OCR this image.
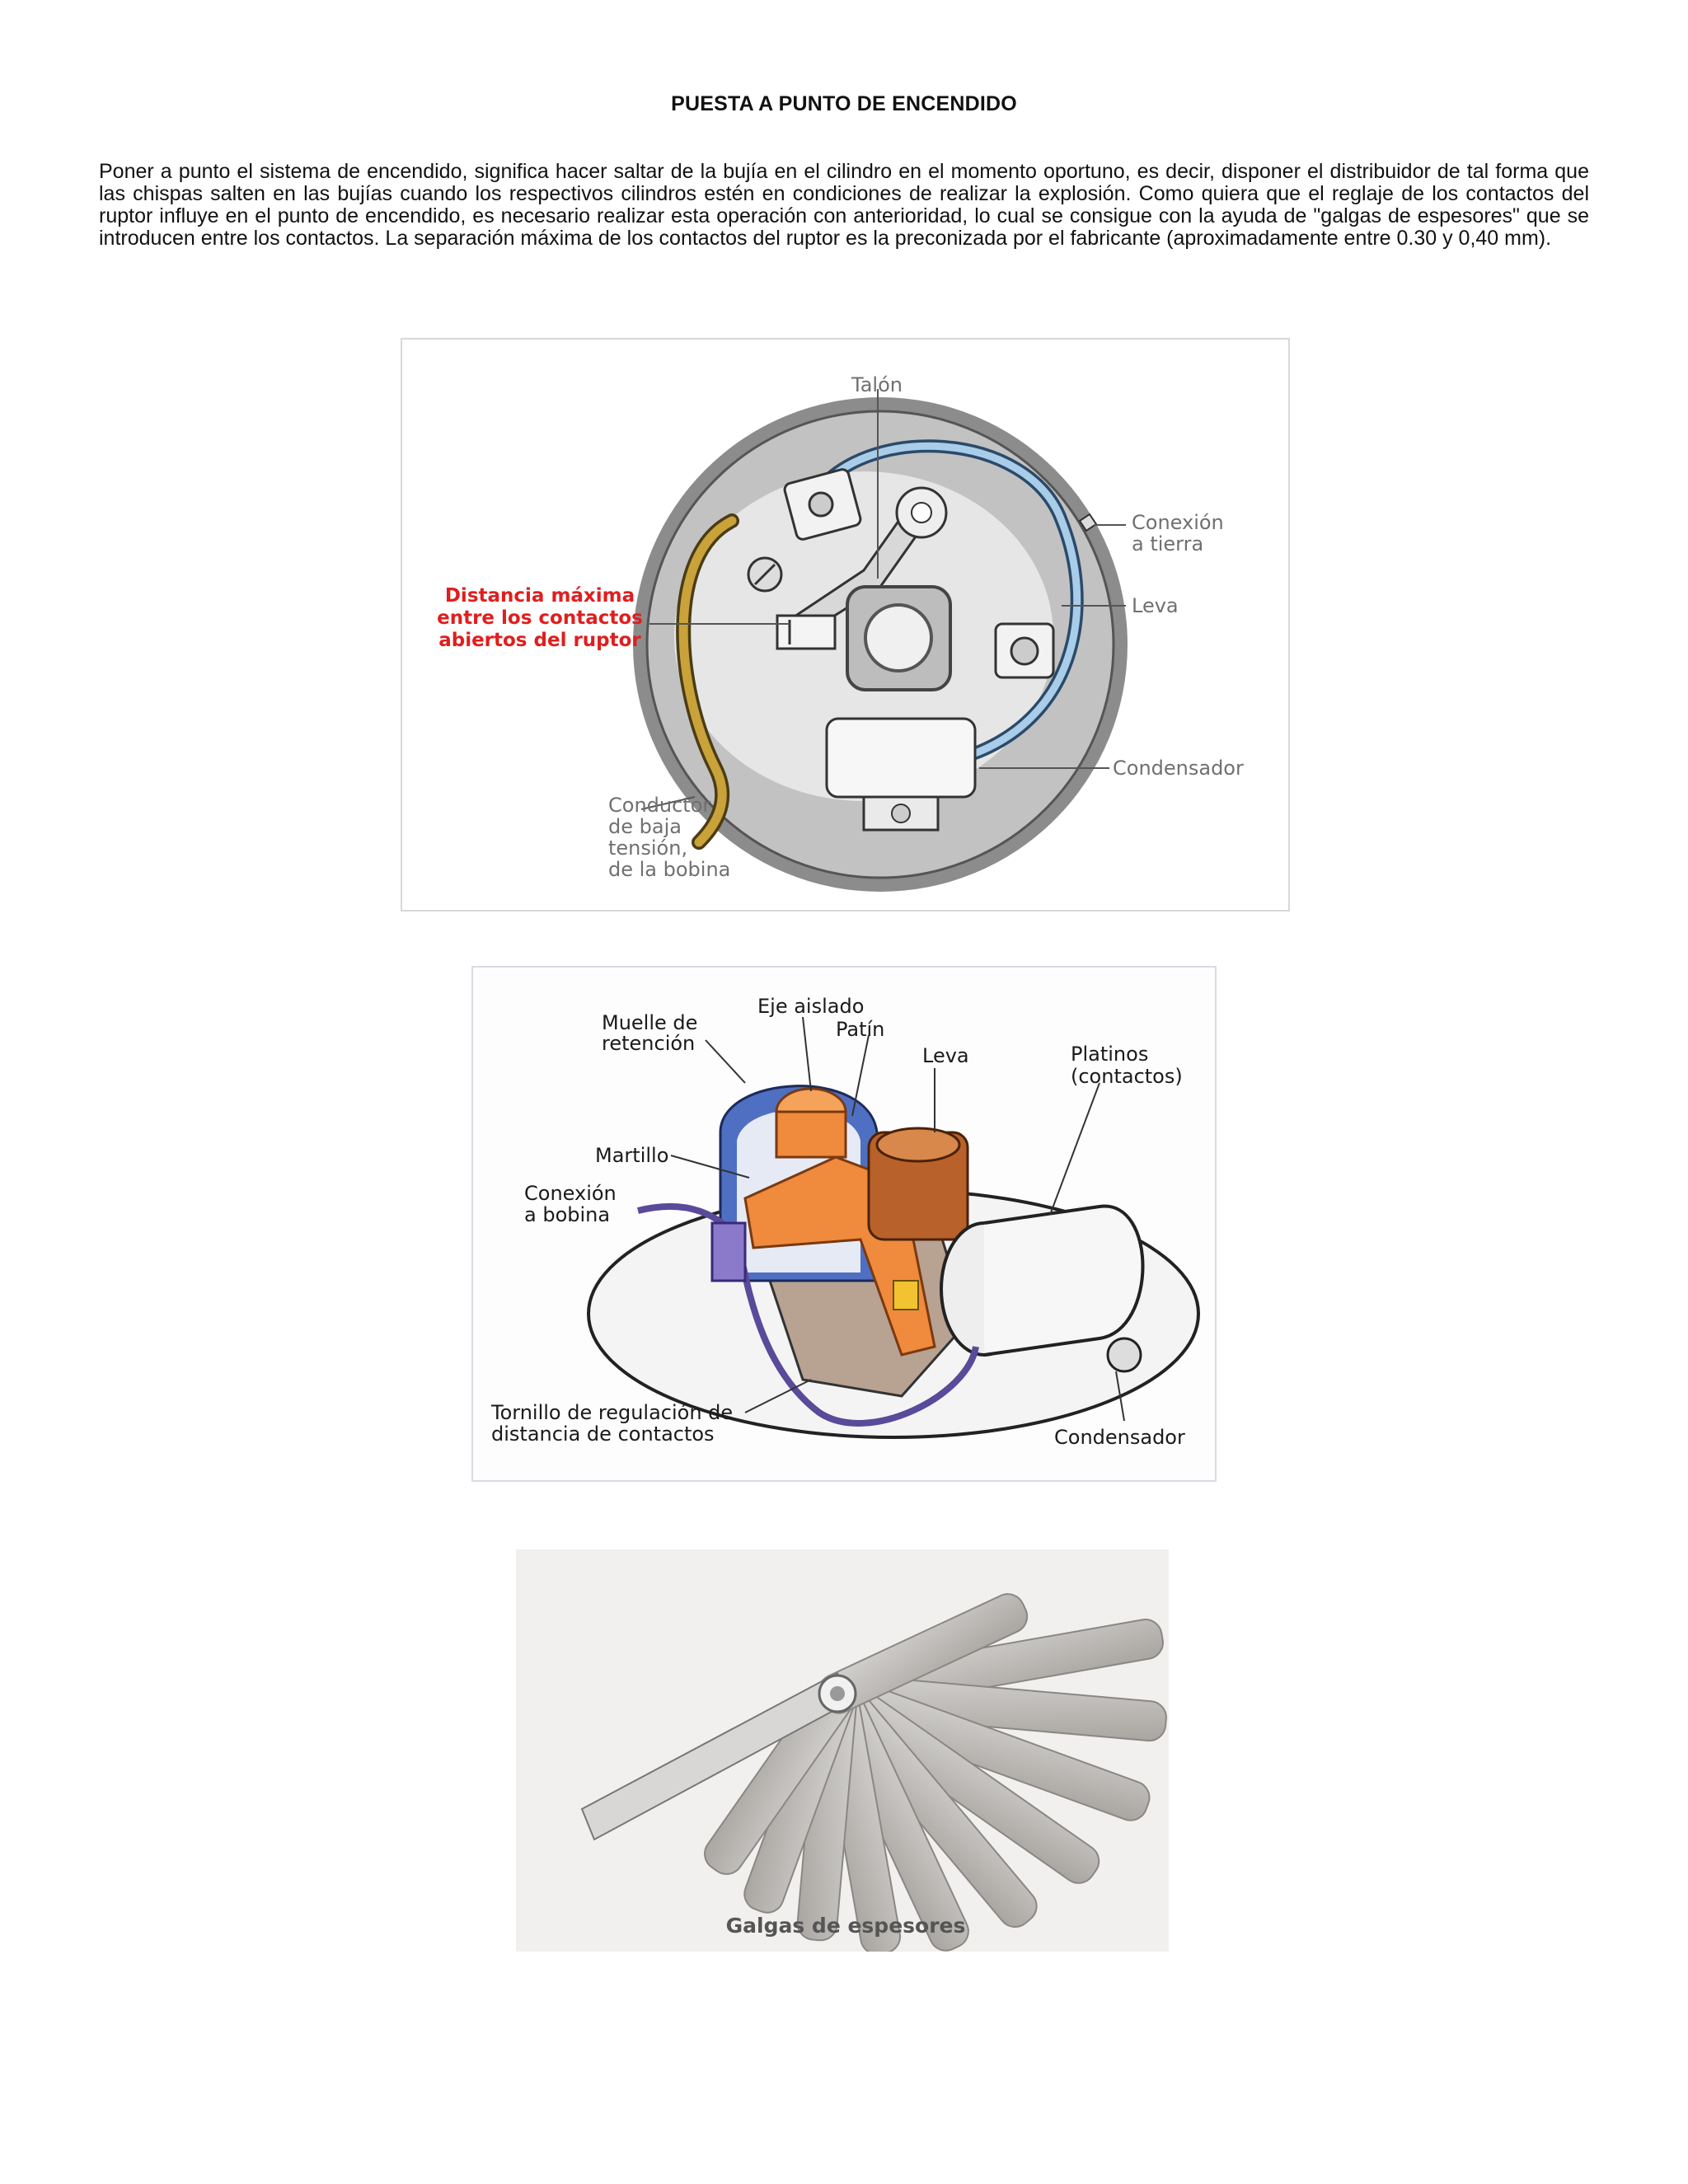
PUESTA A PUNTO DE ENCENDIDO
Poner a punto el sistema de encendido, significa hacer saltar de la bujía en el cilindro en el momento oportuno, es decir, disponer el distribuidor de tal forma que las chispas salten en las bujías cuando los respectivos cilindros estén en condiciones de realizar la explosión. Como quiera que el reglaje de los contactos del ruptor influye en el punto de encendido, es necesario realizar esta operación con anterioridad, lo cual se consigue con la ayuda de "galgas de espesores" que se introducen entre los contactos. La separación máxima de los contactos del ruptor es la preconizada por el fabricante (aproximadamente entre 0.30 y 0,40 mm).
Talón
Conexión
a tierra
Leva
Condensador
Conductor
de baja
tensión,
de la bobina
Distancia máxima
entre los contactos
abiertos del ruptor
Muelle de
retención
Eje aislado
Patín
Leva	Platinos
(contactos)
Martillo
Conexión
a bobina
Tornillo de regulación de
distancia de contactos	Condensador
Galgas de espesores
